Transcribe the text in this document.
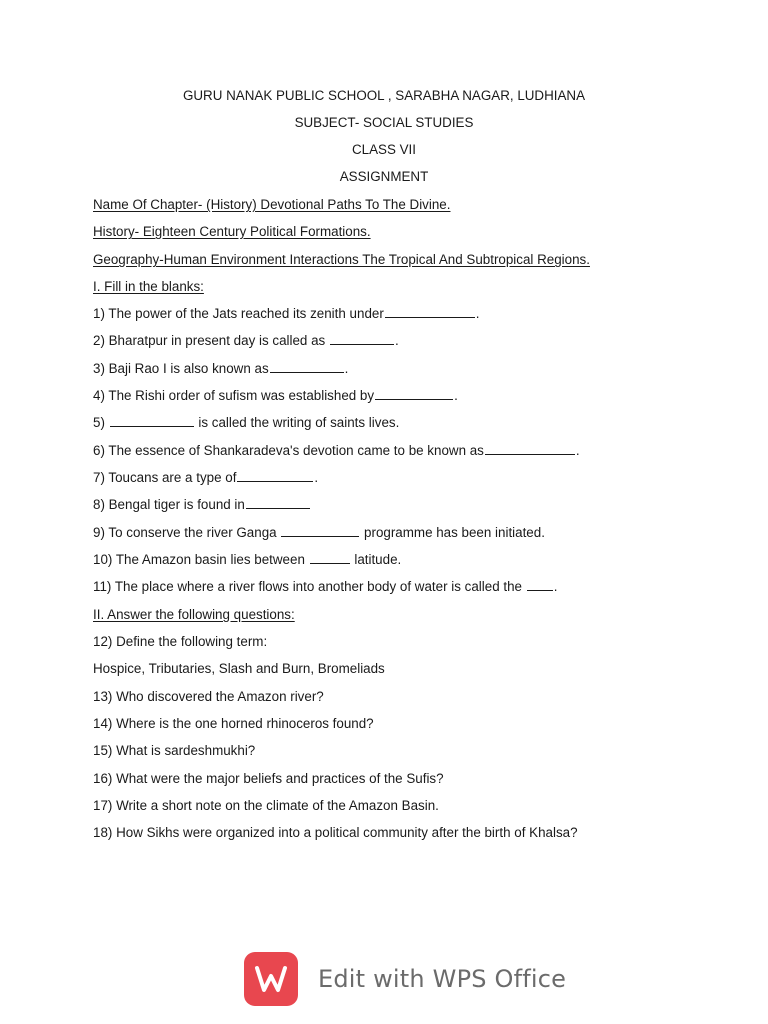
GURU NANAK PUBLIC SCHOOL , SARABHA NAGAR, LUDHIANA
SUBJECT- SOCIAL STUDIES
CLASS VII
ASSIGNMENT
Name Of Chapter- (History) Devotional Paths To The Divine.
History- Eighteen Century Political Formations.
Geography-Human Environment Interactions The Tropical And Subtropical Regions.
I. Fill in the blanks:
1) The power of the Jats reached its zenith under	.
2) Bharatpur in present day is called as	.
3) Baji Rao I is also known as	.
4) The Rishi order of sufism was established by	.
5)	is called the writing of saints lives.
6) The essence of Shankaradeva's devotion came to be known as	.
7) Toucans are a type of	.
8) Bengal tiger is found in
9) To conserve the river Ganga	programme has been initiated.
10) The Amazon basin lies between	latitude.
11) The place where a river flows into another body of water is called the .
II. Answer the following questions:
12) Define the following term:
Hospice, Tributaries, Slash and Burn, Bromeliads
13) Who discovered the Amazon river?
14) Where is the one horned rhinoceros found?
15) What is sardeshmukhi?
16) What were the major beliefs and practices of the Sufis?
17) Write a short note on the climate of the Amazon Basin.
18) How Sikhs were organized into a political community after the birth of Khalsa?
Edit with WPS Office
